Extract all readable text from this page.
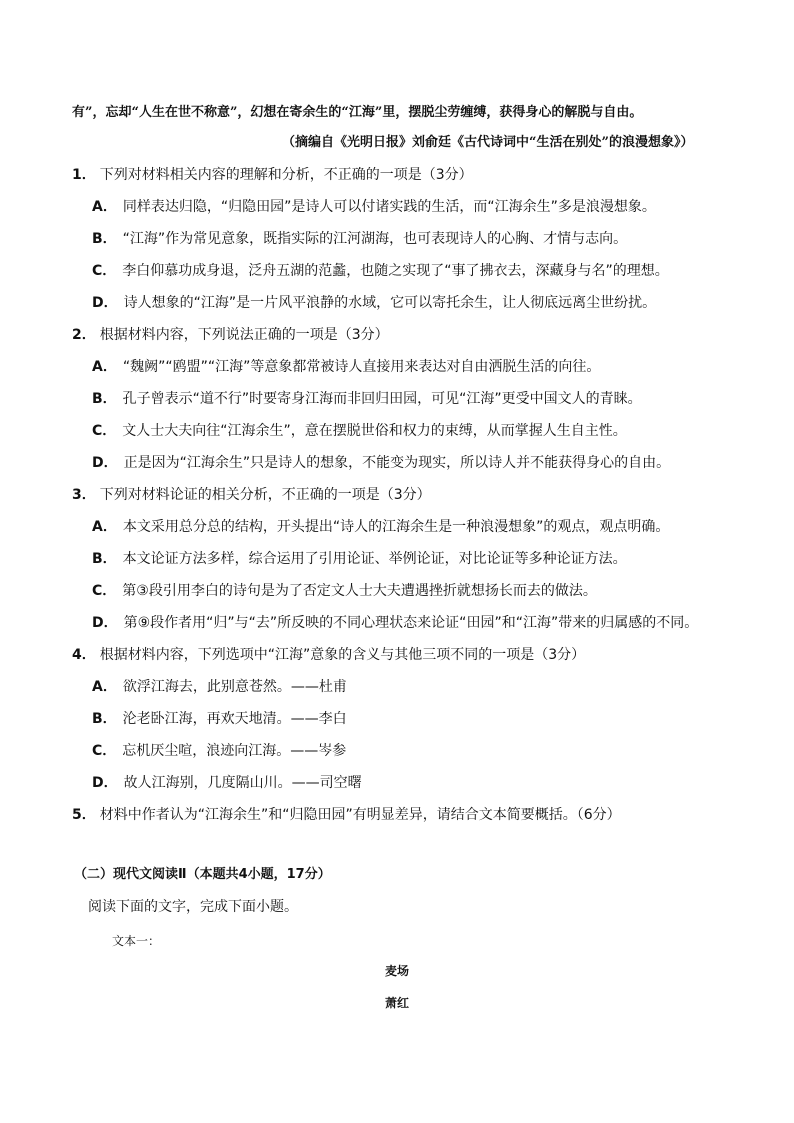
有”，忘却“人生在世不称意”，幻想在寄余生的“江海”里，摆脱尘劳缠缚，获得身心的解脱与自由。
（摘编自《光明日报》刘俞廷《古代诗词中“生活在别处”的浪漫想象》）
1． 下列对材料相关内容的理解和分析，不正确的一项是（3分）
A． 同样表达归隐，“归隐田园”是诗人可以付诸实践的生活，而“江海余生”多是浪漫想象。
B． “江海”作为常见意象，既指实际的江河湖海，也可表现诗人的心胸、才情与志向。
C． 李白仰慕功成身退，泛舟五湖的范蠡，也随之实现了“事了拂衣去，深藏身与名”的理想。
D． 诗人想象的“江海”是一片风平浪静的水域，它可以寄托余生，让人彻底远离尘世纷扰。
2． 根据材料内容，下列说法正确的一项是（3分）
A． “魏阙”“鸥盟”“江海”等意象都常被诗人直接用来表达对自由洒脱生活的向往。
B． 孔子曾表示“道不行”时要寄身江海而非回归田园，可见“江海”更受中国文人的青睐。
C． 文人士大夫向往“江海余生”，意在摆脱世俗和权力的束缚，从而掌握人生自主性。
D． 正是因为“江海余生”只是诗人的想象，不能变为现实，所以诗人并不能获得身心的自由。
3． 下列对材料论证的相关分析，不正确的一项是（3分）
A． 本文采用总分总的结构，开头提出“诗人的江海余生是一种浪漫想象”的观点，观点明确。
B． 本文论证方法多样，综合运用了引用论证、举例论证，对比论证等多种论证方法。
C． 第③段引用李白的诗句是为了否定文人士大夫遭遇挫折就想扬长而去的做法。
D． 第⑨段作者用“归”与“去”所反映的不同心理状态来论证“田园”和“江海”带来的归属感的不同。
4． 根据材料内容，下列选项中“江海”意象的含义与其他三项不同的一项是（3分）
A． 欲浮江海去，此别意苍然。——杜甫
B． 沦老卧江海，再欢天地清。——李白
C． 忘机厌尘喧，浪迹向江海。——岑参
D． 故人江海别，几度隔山川。——司空曙
5． 材料中作者认为“江海余生”和“归隐田园”有明显差异，请结合文本简要概括。（6分）
（二）现代文阅读Ⅱ（本题共4小题，17分）
阅读下面的文字，完成下面小题。
文本一：
麦场
萧红
